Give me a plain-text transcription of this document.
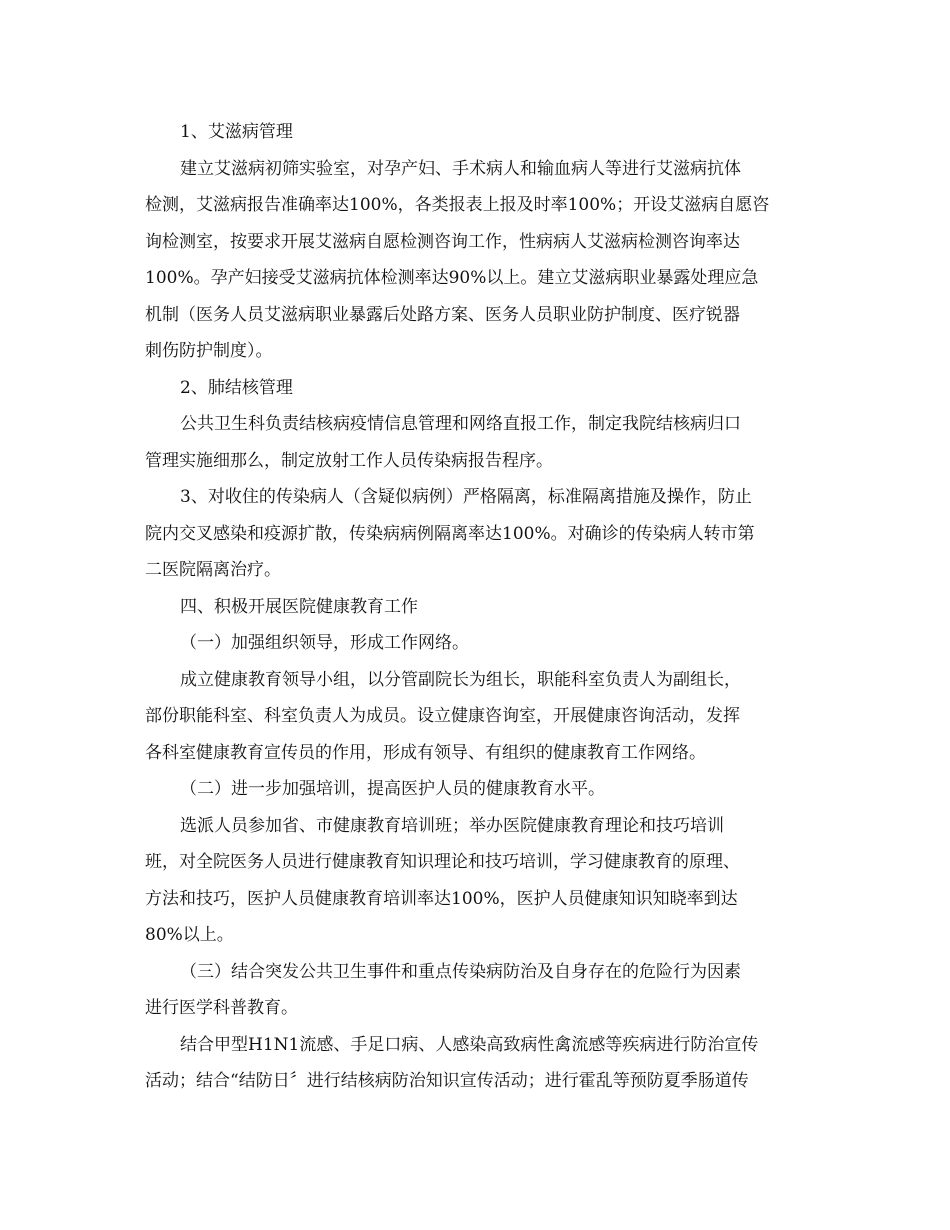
1、艾滋病管理
建立艾滋病初筛实验室，对孕产妇、手术病人和输血病人等进行艾滋病抗体
检测，艾滋病报告准确率达100%，各类报表上报及时率100%；开设艾滋病自愿咨
询检测室，按要求开展艾滋病自愿检测咨询工作，性病病人艾滋病检测咨询率达
100%。孕产妇接受艾滋病抗体检测率达90%以上。建立艾滋病职业暴露处理应急
机制（医务人员艾滋病职业暴露后处路方案、医务人员职业防护制度、医疗锐器
刺伤防护制度）。
2、肺结核管理
公共卫生科负责结核病疫情信息管理和网络直报工作，制定我院结核病归口
管理实施细那么，制定放射工作人员传染病报告程序。
3、对收住的传染病人（含疑似病例）严格隔离，标准隔离措施及操作，防止
院内交叉感染和疫源扩散，传染病病例隔离率达100%。对确诊的传染病人转市第
二医院隔离治疗。
四、积极开展医院健康教育工作
（一）加强组织领导，形成工作网络。
成立健康教育领导小组，以分管副院长为组长，职能科室负责人为副组长，
部份职能科室、科室负责人为成员。设立健康咨询室，开展健康咨询活动，发挥
各科室健康教育宣传员的作用，形成有领导、有组织的健康教育工作网络。
（二）进一步加强培训，提高医护人员的健康教育水平。
选派人员参加省、市健康教育培训班；举办医院健康教育理论和技巧培训
班，对全院医务人员进行健康教育知识理论和技巧培训，学习健康教育的原理、
方法和技巧，医护人员健康教育培训率达100%，医护人员健康知识知晓率到达
80%以上。
（三）结合突发公共卫生事件和重点传染病防治及自身存在的危险行为因素
进行医学科普教育。
结合甲型H1N1流感、手足口病、人感染高致病性禽流感等疾病进行防治宣传
活动；结合“结防日〞进行结核病防治知识宣传活动；进行霍乱等预防夏季肠道传
